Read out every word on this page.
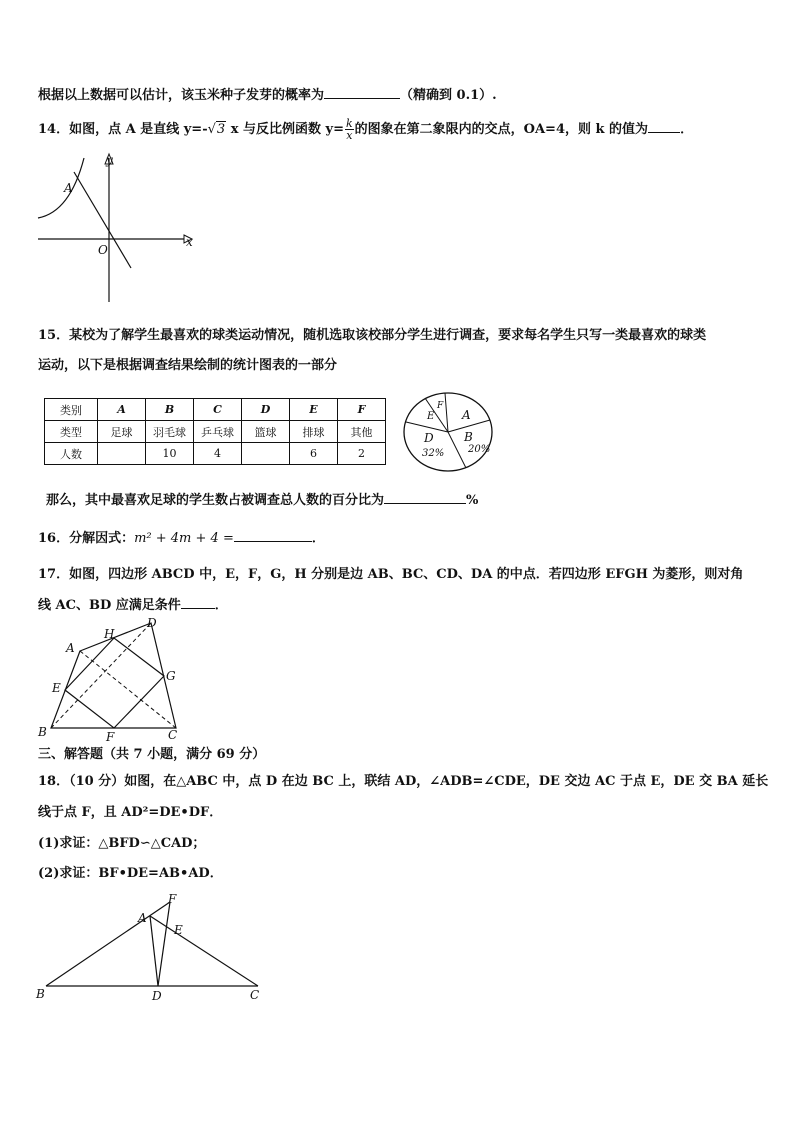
根据以上数据可以估计，该玉米种子发芽的概率为	（精确到 0.1）.
14．如图，点 A 是直线 y=-√3 x 与反比例函数 $y= \frac{k}{x}$ 的图象在第二象限内的交点，OA=4，则 k 的值为 ．
y
x
O
A
15．某校为了解学生最喜欢的球类运动情况，随机选取该校部分学生进行调查，要求每名学生只写一类最喜欢的球类
运动，以下是根据调查结果绘制的统计图表的一部分
类别	A	B	C	D	E	F
类型	足球	羽毛球	乒乓球	篮球	排球	其他
人数		10	4		6	2
A
B
20%
D
32%
E
F
那么，其中最喜欢足球的学生数占被调查总人数的百分比为	%
16．分解因式：m² + 4m + 4 =	．
17．如图，四边形 ABCD 中，E，F，G，H 分别是边 AB、BC、CD、DA 的中点．若四边形 EFGH 为菱形，则对角
线 AC、BD 应满足条件	．
A
B	C
D
E
F
G
H
三、解答题（共 7 小题，满分 69 分）
18．（10 分）如图，在△ABC 中，点 D 在边 BC 上，联结 AD，∠ADB=∠CDE，DE 交边 AC 于点 E，DE 交 BA 延长
线于点 F，且 AD²=DE•DF．
(1)求证：△BFD∽△CAD；
(2)求证：BF•DE=AB•AD．
A
B	C
D
E
F
